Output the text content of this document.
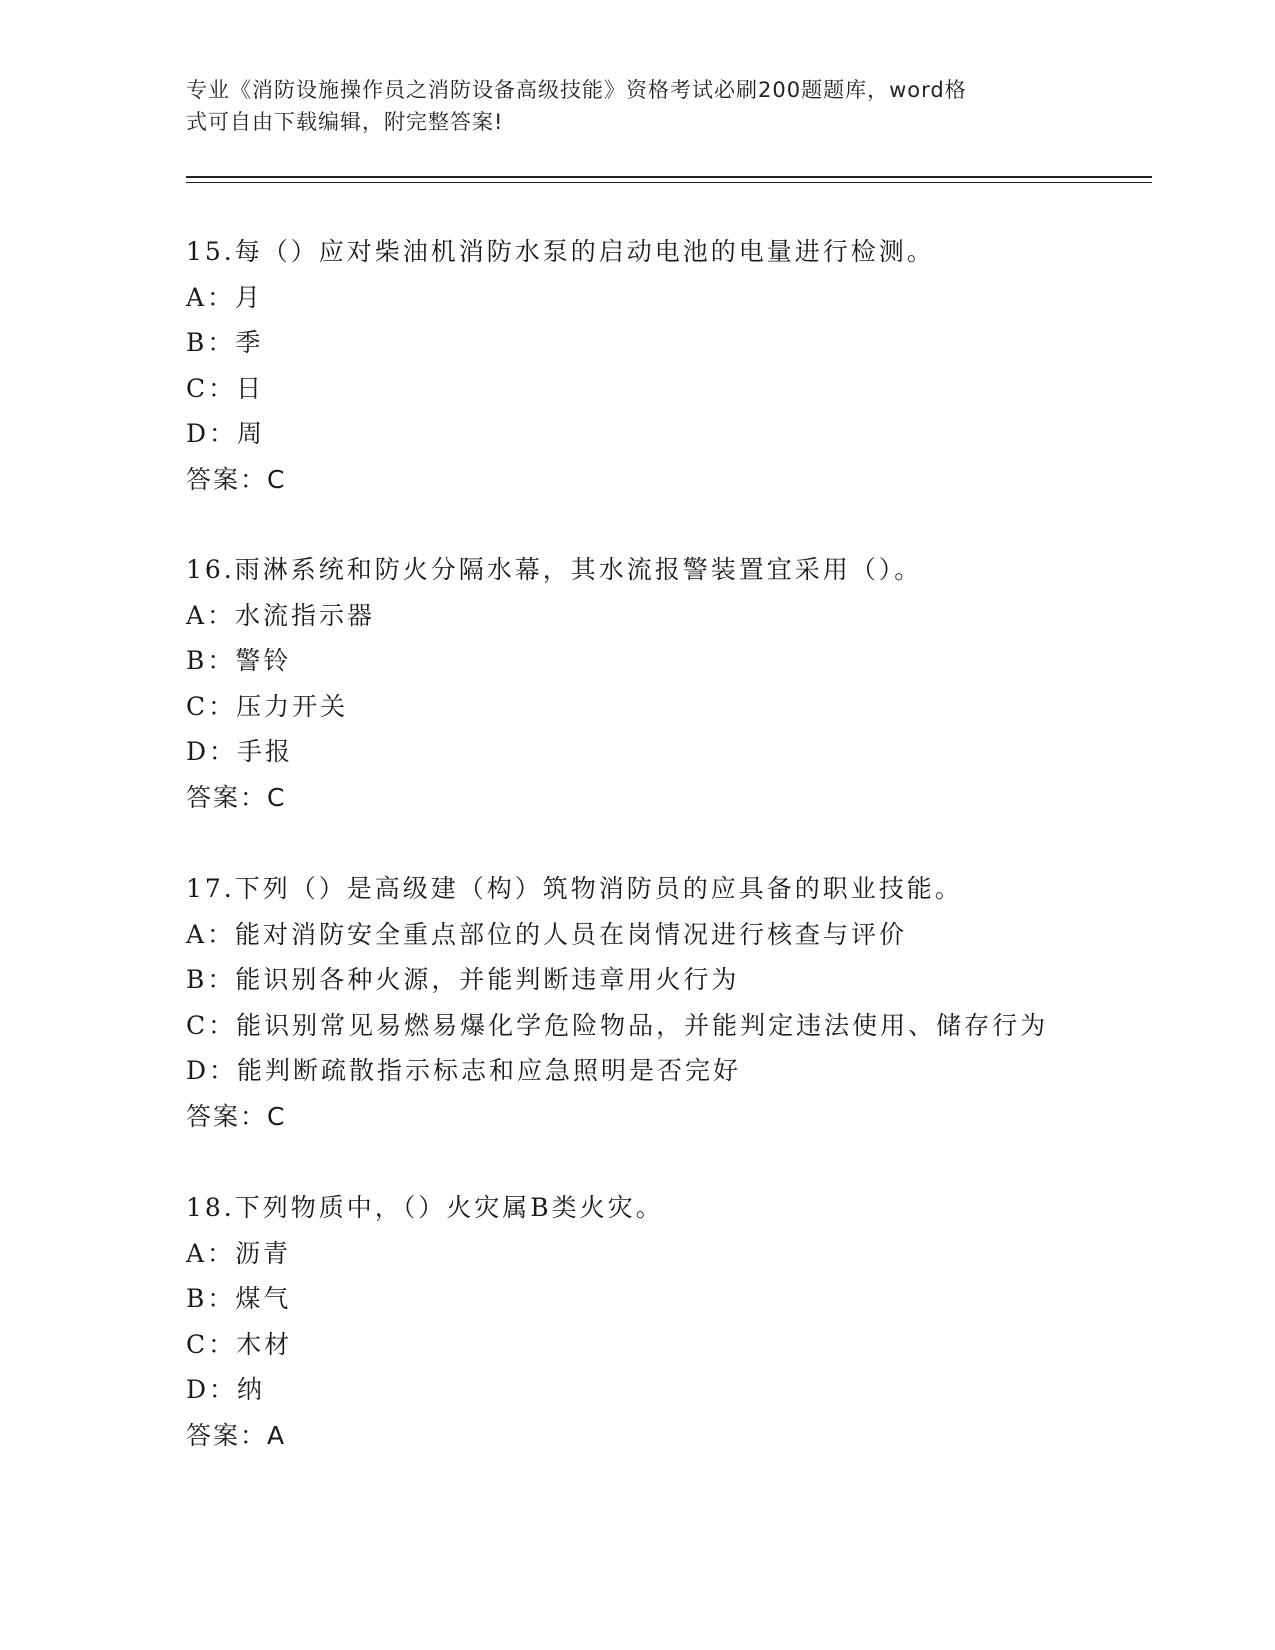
专业《消防设施操作员之消防设备高级技能》资格考试必刷200题题库，word格
式可自由下载编辑，附完整答案!
15.每（）应对柴油机消防水泵的启动电池的电量进行检测。
A：月
B：季
C：日
D：周
答案：C
16.雨淋系统和防火分隔水幕，其水流报警装置宜采用（）。
A：水流指示器
B：警铃
C：压力开关
D：手报
答案：C
17.下列（）是高级建（构）筑物消防员的应具备的职业技能。
A：能对消防安全重点部位的人员在岗情况进行核查与评价
B：能识别各种火源，并能判断违章用火行为
C：能识别常见易燃易爆化学危险物品，并能判定违法使用、储存行为
D：能判断疏散指示标志和应急照明是否完好
答案：C
18.下列物质中，（）火灾属B类火灾。
A：沥青
B：煤气
C：木材
D：纳
答案：A
